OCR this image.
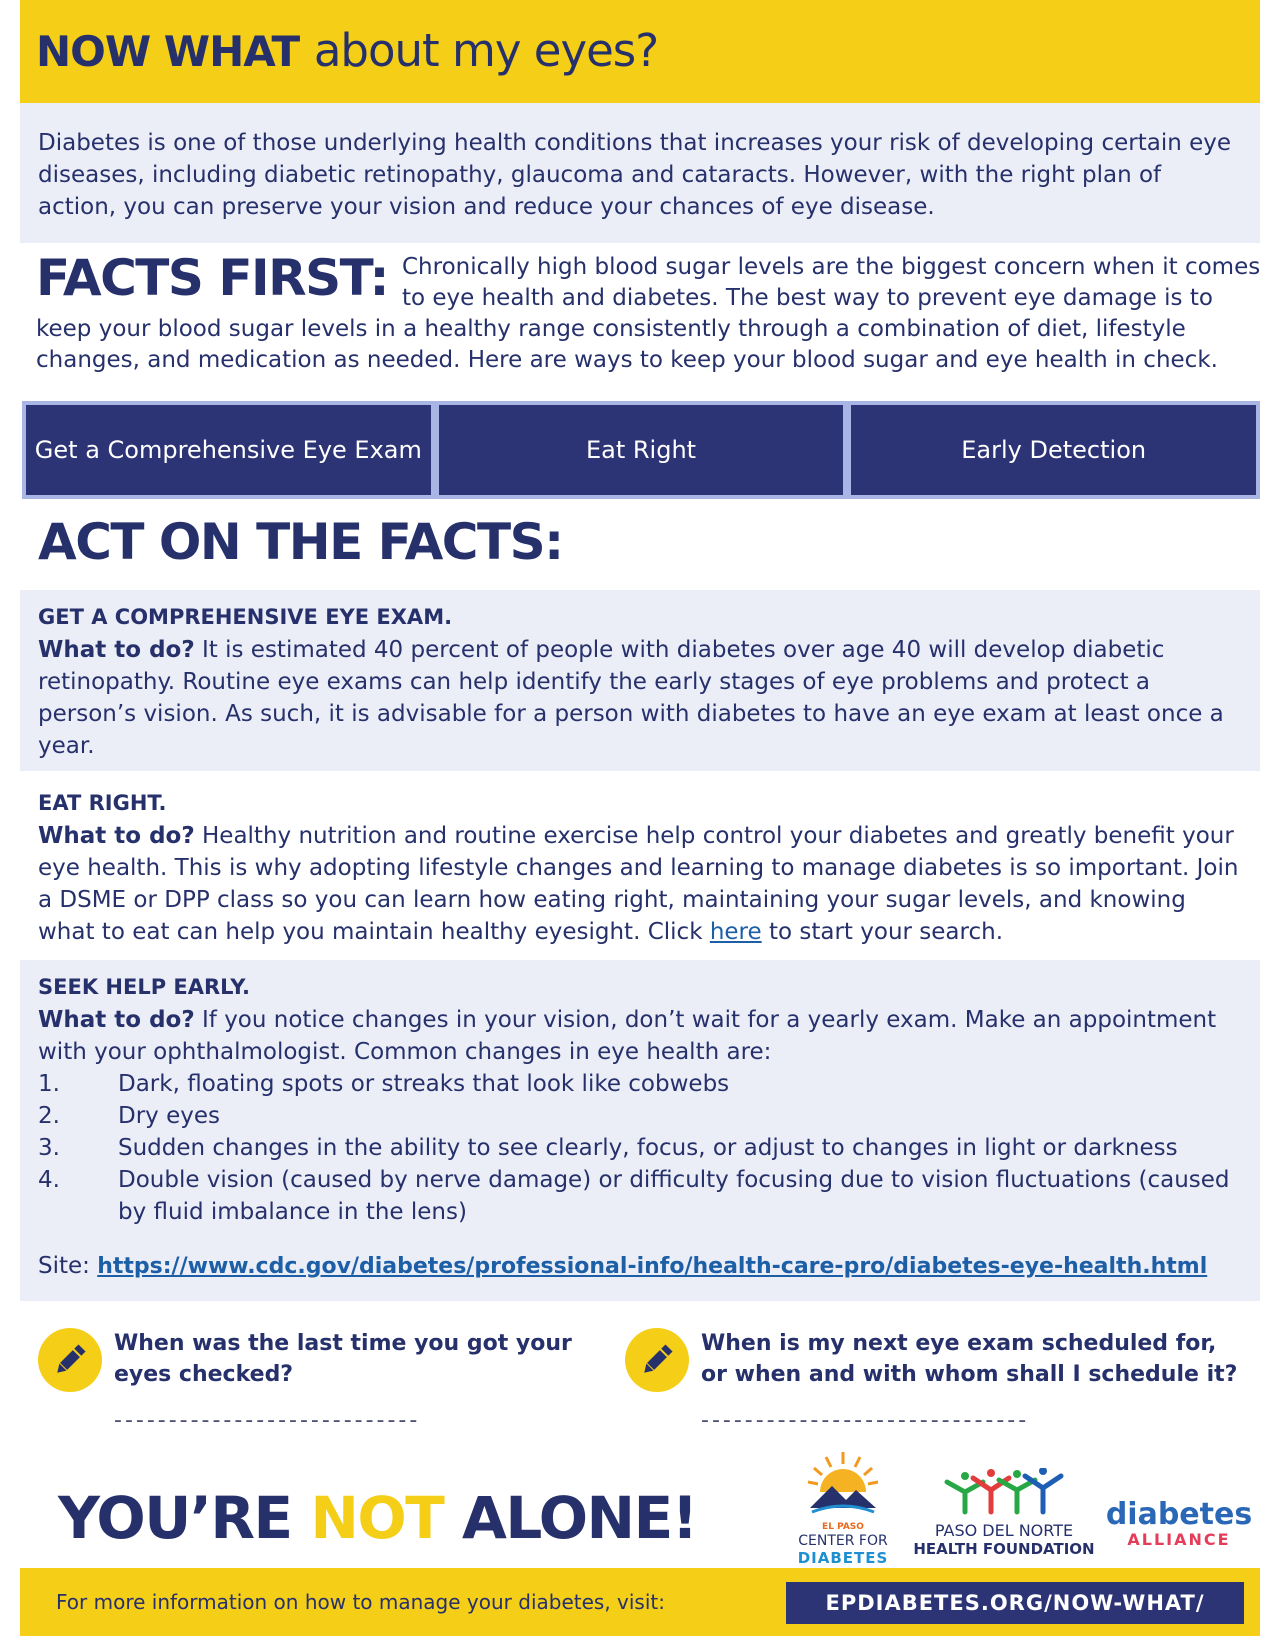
NOW WHAT about my eyes?
Diabetes is one of those underlying health conditions that increases your risk of developing certain eye diseases, including diabetic retinopathy, glaucoma and cataracts. However, with the right plan of action, you can preserve your vision and reduce your chances of eye disease.
FACTS FIRST: Chronically high blood sugar levels are the biggest concern when it comes to eye health and diabetes. The best way to prevent eye damage is to keep your blood sugar levels in a healthy range consistently through a combination of diet, lifestyle changes, and medication as needed. Here are ways to keep your blood sugar and eye health in check.
Get a Comprehensive Eye Exam	Eat Right	Early Detection
ACT ON THE FACTS:
GET A COMPREHENSIVE EYE EXAM.

What to do? It is estimated 40 percent of people with diabetes over age 40 will develop diabetic retinopathy. Routine eye exams can help identify the early stages of eye problems and protect a person’s vision. As such, it is advisable for a person with diabetes to have an eye exam at least once a year.

EAT RIGHT.

What to do? Healthy nutrition and routine exercise help control your diabetes and greatly benefit your eye health. This is why adopting lifestyle changes and learning to manage diabetes is so important. Join a DSME or DPP class so you can learn how eating right, maintaining your sugar levels, and knowing what to eat can help you maintain healthy eyesight. Click here to start your search.

SEEK HELP EARLY.

What to do? If you notice changes in your vision, don’t wait for a yearly exam. Make an appointment with your ophthalmologist. Common changes in eye health are:

1.	Dark, floating spots or streaks that look like cobwebs
2.	Dry eyes
3.	Sudden changes in the ability to see clearly, focus, or adjust to changes in light or darkness
4.	Double vision (caused by nerve damage) or difficulty focusing due to vision fluctuations (caused by fluid imbalance in the lens)

Site: https://www.cdc.gov/diabetes/professional-info/health-care-pro/diabetes-eye-health.html

When was the last time you got your eyes checked?
----------------------------
When is my next eye exam scheduled for, or when and with whom shall I schedule it?
------------------------------
YOU’RE NOT ALONE!	EL PASO
CENTER FOR
DIABETES
PASO DEL NORTE
HEALTH FOUNDATION
diabetes
ALLIANCE
For more information on how to manage your diabetes, visit:	EPDIABETES.ORG/NOW-WHAT/
